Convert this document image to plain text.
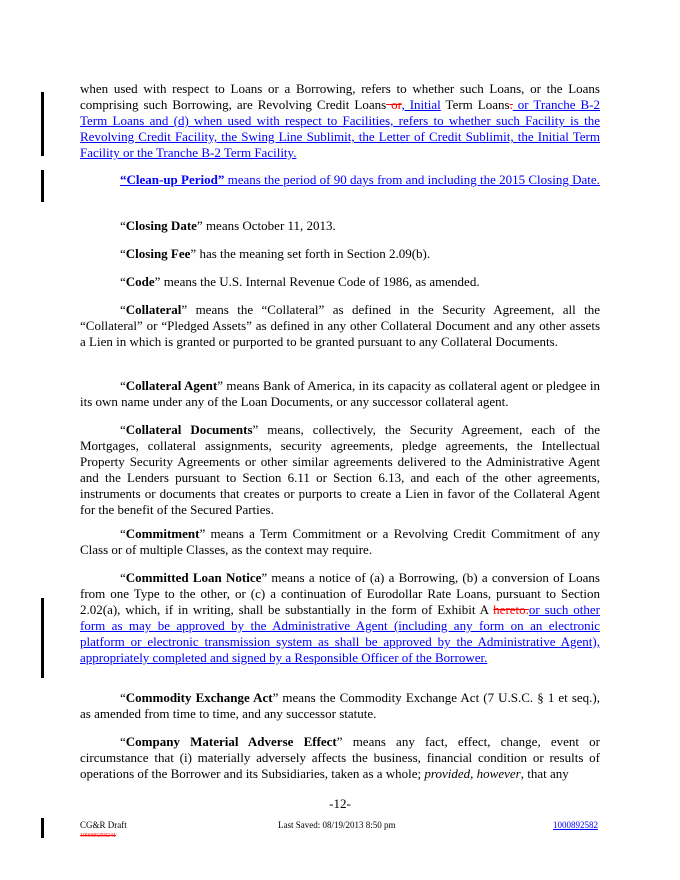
when used with respect to Loans or a Borrowing, refers to whether such Loans, or the Loans comprising such Borrowing, are Revolving Credit Loans or, Initial Term Loans. or Tranche B-2 Term Loans and (d) when used with respect to Facilities, refers to whether such Facility is the Revolving Credit Facility, the Swing Line Sublimit, the Letter of Credit Sublimit, the Initial Term Facility or the Tranche B-2 Term Facility.

“Clean-up Period” means the period of 90 days from and including the 2015 Closing Date.

“Closing Date” means October 11, 2013.

“Closing Fee” has the meaning set forth in Section 2.09(b).

“Code” means the U.S. Internal Revenue Code of 1986, as amended.

“Collateral” means the “Collateral” as defined in the Security Agreement, all the “Collateral” or “Pledged Assets” as defined in any other Collateral Document and any other assets a Lien in which is granted or purported to be granted pursuant to any Collateral Documents.

“Collateral Agent” means Bank of America, in its capacity as collateral agent or pledgee in its own name under any of the Loan Documents, or any successor collateral agent.

“Collateral Documents” means, collectively, the Security Agreement, each of the Mortgages, collateral assignments, security agreements, pledge agreements, the Intellectual Property Security Agreements or other similar agreements delivered to the Administrative Agent and the Lenders pursuant to Section 6.11 or Section 6.13, and each of the other agreements, instruments or documents that creates or purports to create a Lien in favor of the Collateral Agent for the benefit of the Secured Parties.

“Commitment” means a Term Commitment or a Revolving Credit Commitment of any Class or of multiple Classes, as the context may require.

“Committed Loan Notice” means a notice of (a) a Borrowing, (b) a conversion of Loans from one Type to the other, or (c) a continuation of Eurodollar Rate Loans, pursuant to Section 2.02(a), which, if in writing, shall be substantially in the form of Exhibit A hereto.or such other form as may be approved by the Administrative Agent (including any form on an electronic platform or electronic transmission system as shall be approved by the Administrative Agent), appropriately completed and signed by a Responsible Officer of the Borrower.

“Commodity Exchange Act” means the Commodity Exchange Act (7 U.S.C. § 1 et seq.), as amended from time to time, and any successor statute.

“Company Material Adverse Effect” means any fact, effect, change, event or circumstance that (i) materially adversely affects the business, financial condition or results of operations of the Borrower and its Subsidiaries, taken as a whole; provided, however, that any

-12-
CG&R Draft
100089258241
Last Saved: 08/19/2013 8:50 pm	1000892582
